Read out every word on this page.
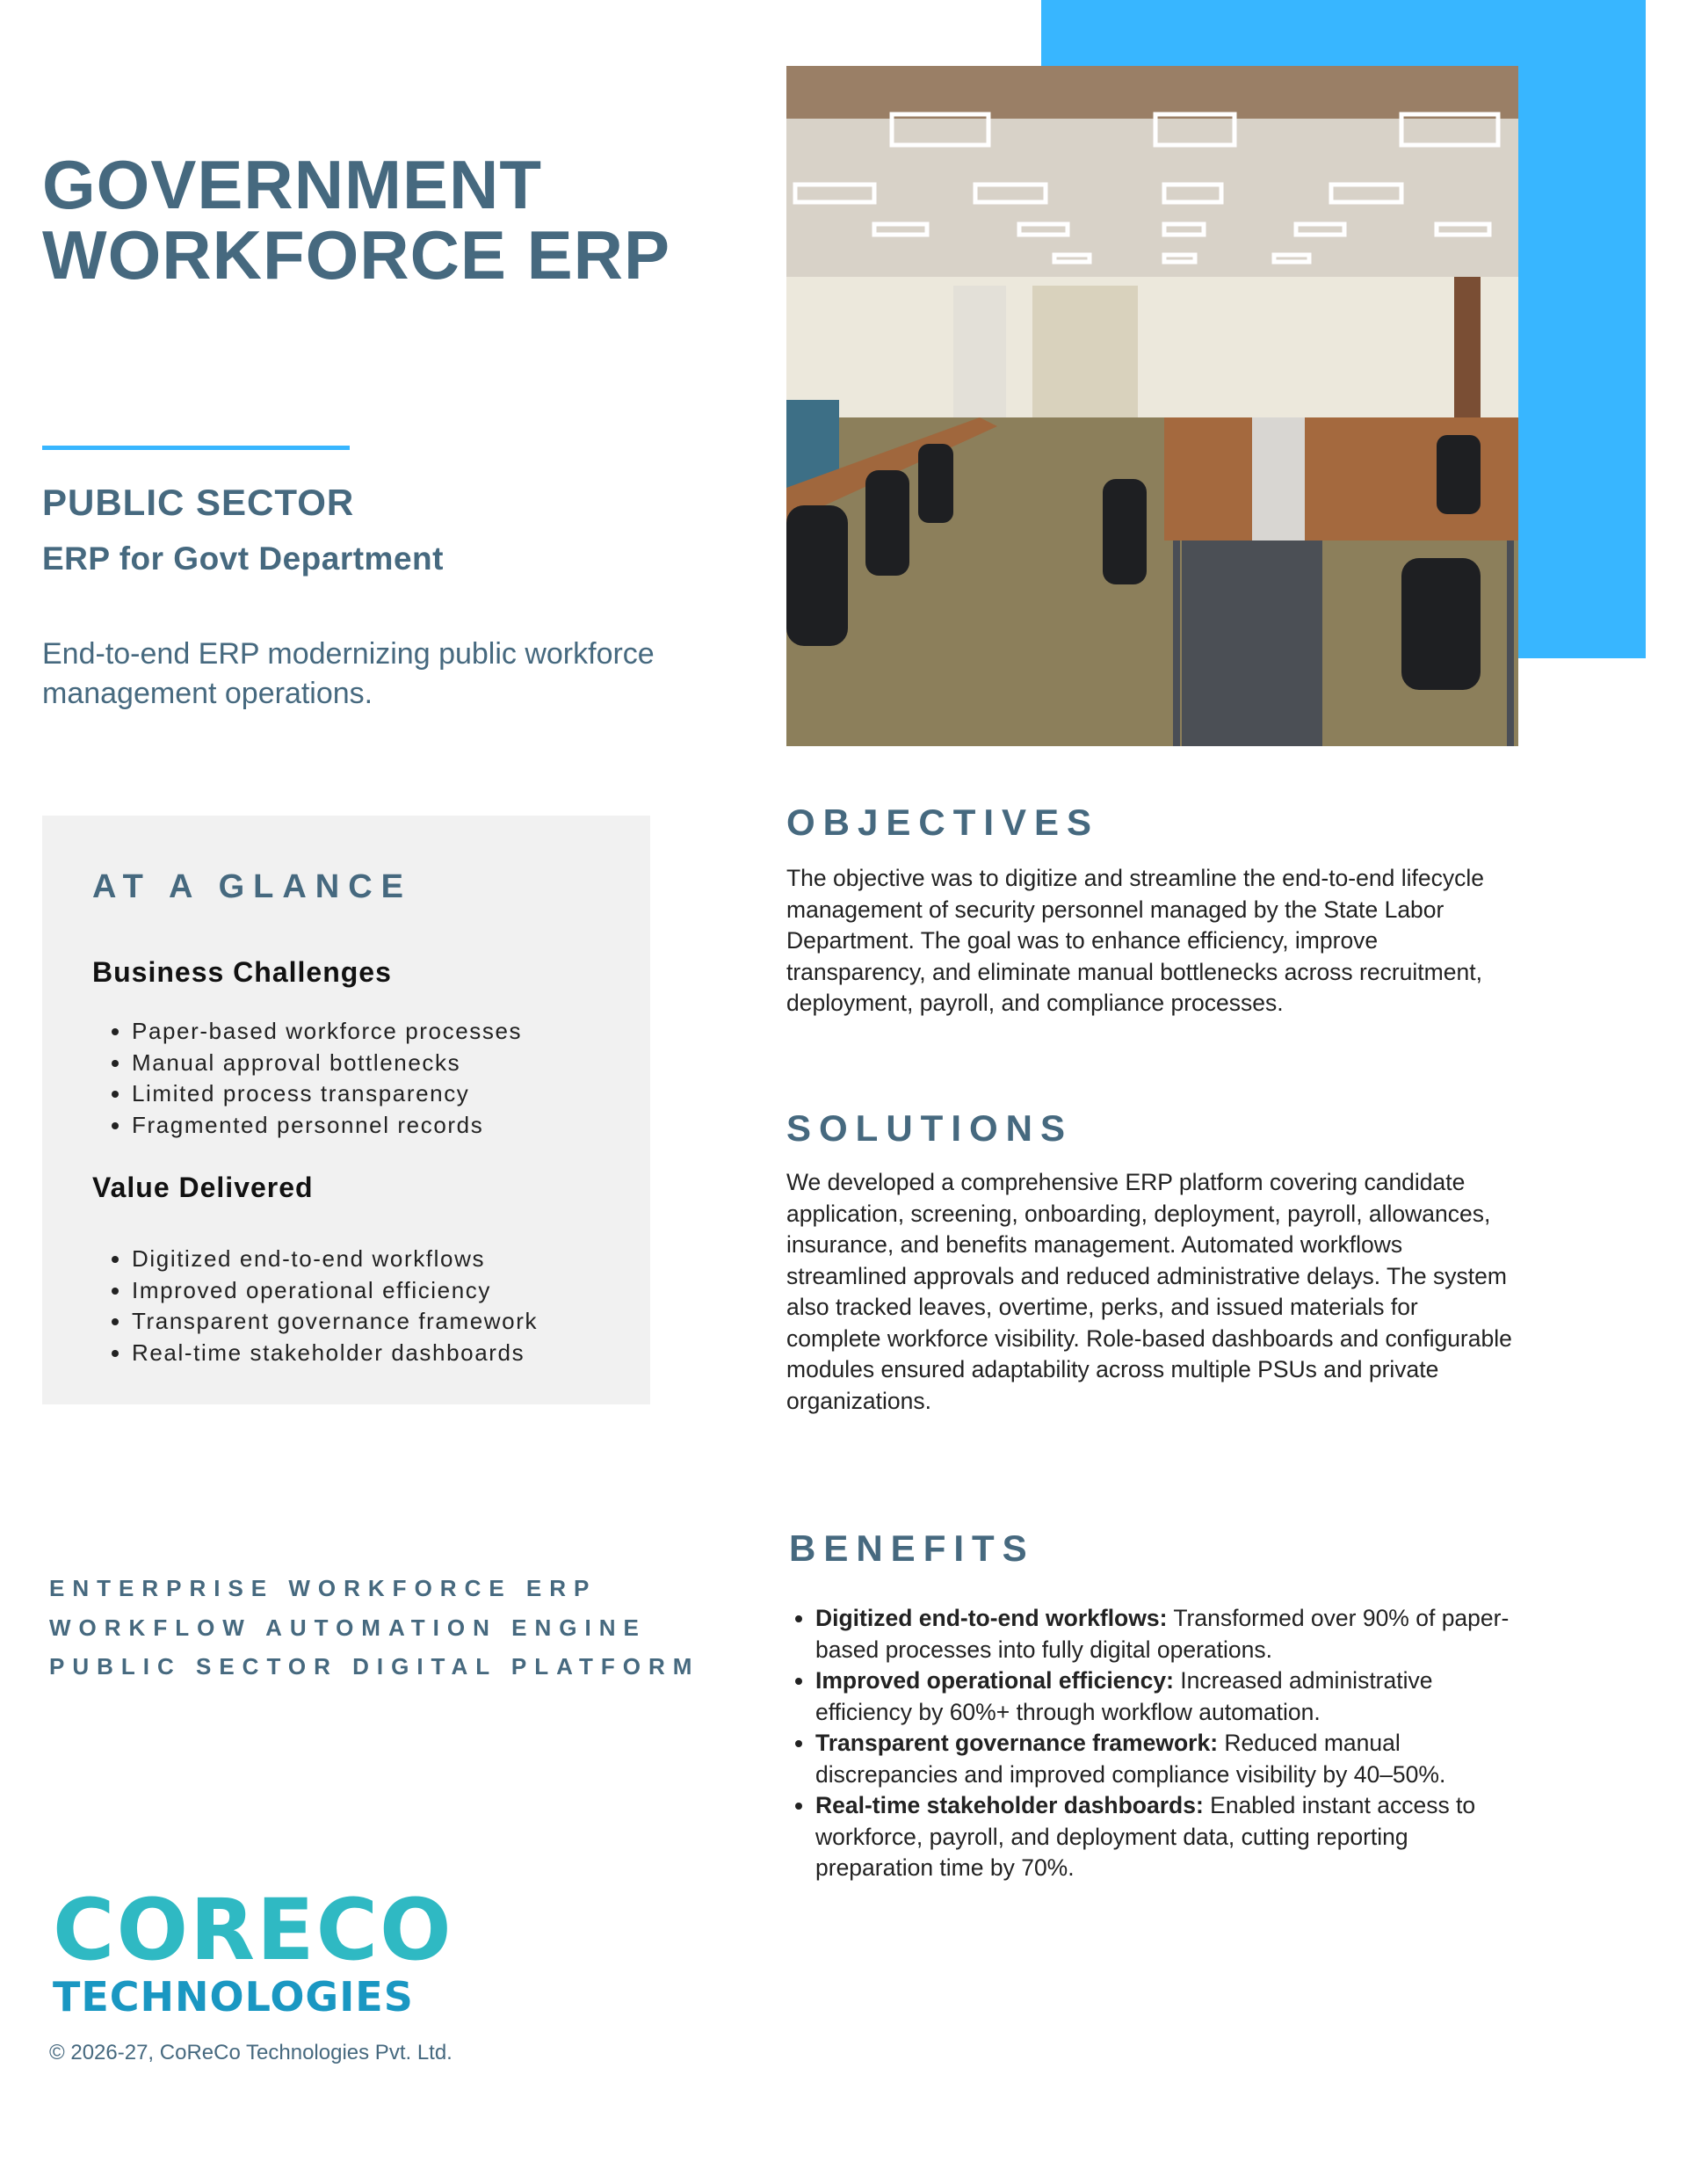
GOVERNMENT
WORKFORCE ERP
PUBLIC SECTOR
ERP for Govt Department
End-to-end ERP modernizing public workforce management operations.
AT A GLANCE
Business Challenges
• Paper-based workforce processes
• Manual approval bottlenecks
• Limited process transparency
• Fragmented personnel records
Value Delivered
• Digitized end-to-end workflows
• Improved operational efficiency
• Transparent governance framework
• Real-time stakeholder dashboards
ENTERPRISE WORKFORCE ERP
WORKFLOW AUTOMATION ENGINE
PUBLIC SECTOR DIGITAL PLATFORM
OBJECTIVES

The objective was to digitize and streamline the end-to-end lifecycle management of security personnel managed by the State Labor Department. The goal was to enhance efficiency, improve transparency, and eliminate manual bottlenecks across recruitment, deployment, payroll, and compliance processes.

SOLUTIONS

We developed a comprehensive ERP platform covering candidate application, screening, onboarding, deployment, payroll, allowances, insurance, and benefits management. Automated workflows streamlined approvals and reduced administrative delays. The system also tracked leaves, overtime, perks, and issued materials for complete workforce visibility. Role-based dashboards and configurable modules ensured adaptability across multiple PSUs and private organizations.

BENEFITS
• Digitized end-to-end workflows: Transformed over 90% of paper-based processes into fully digital operations.
• Improved operational efficiency: Increased administrative efficiency by 60%+ through workflow automation.
• Transparent governance framework: Reduced manual discrepancies and improved compliance visibility by 40–50%.
• Real-time stakeholder dashboards: Enabled instant access to workforce, payroll, and deployment data, cutting reporting preparation time by 70%.
CORECO
TECHNOLOGIES
© 2026-27, CoReCo Technologies Pvt. Ltd.
